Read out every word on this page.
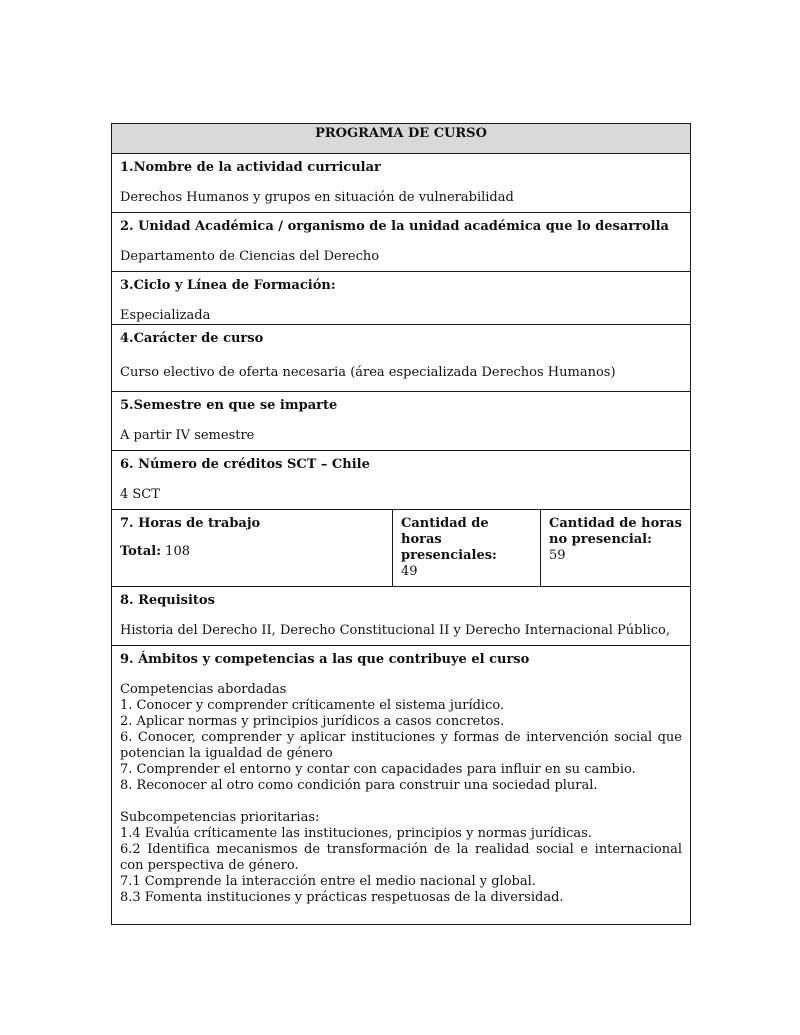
PROGRAMA DE CURSO

1.Nombre de la actividad curricular
Derechos Humanos y grupos en situación de vulnerabilidad

2. Unidad Académica / organismo de la unidad académica que lo desarrolla
Departamento de Ciencias del Derecho

3.Ciclo y Línea de Formación:
Especializada

4.Carácter de curso
Curso electivo de oferta necesaria (área especializada Derechos Humanos)

5.Semestre en que se imparte
A partir IV semestre

6. Número de créditos SCT – Chile
4 SCT

7. Horas de trabajo
Total: 108

Cantidad de horas presenciales:
49

Cantidad de horas no presencial:
59

8. Requisitos
Historia del Derecho II, Derecho Constitucional II y Derecho Internacional Público,

9. Ámbitos y competencias a las que contribuye el curso
Competencias abordadas
1. Conocer y comprender críticamente el sistema jurídico.
2. Aplicar normas y principios jurídicos a casos concretos.
6. Conocer, comprender y aplicar instituciones y formas de intervención social que potencian la igualdad de género
7. Comprender el entorno y contar con capacidades para influir en su cambio.
8. Reconocer al otro como condición para construir una sociedad plural.
Subcompetencias prioritarias:
1.4 Evalúa críticamente las instituciones, principios y normas jurídicas.
6.2 Identifica mecanismos de transformación de la realidad social e internacional con perspectiva de género.
7.1 Comprende la interacción entre el medio nacional y global.
8.3 Fomenta instituciones y prácticas respetuosas de la diversidad.
